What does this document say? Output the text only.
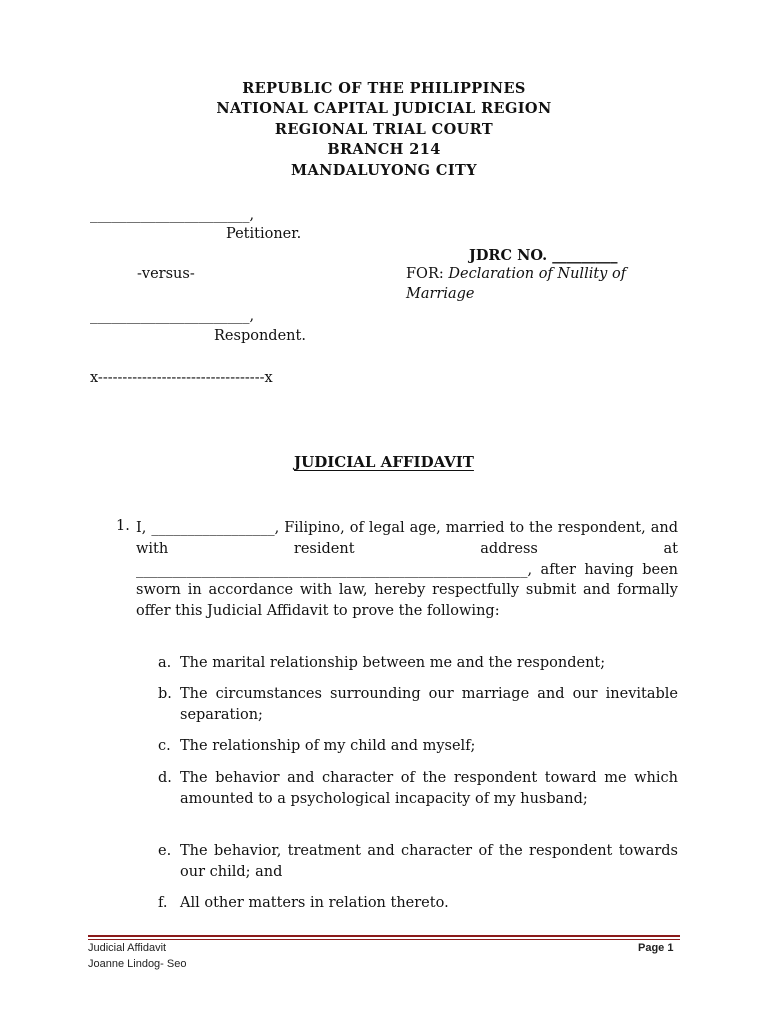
REPUBLIC OF THE PHILIPPINES
NATIONAL CAPITAL JUDICIAL REGION
REGIONAL TRIAL COURT
BRANCH 214
MANDALUYONG CITY
______________________,
Petitioner.
JDRC NO. _________
-versus-	FOR: Declaration of Nullity of
Marriage
______________________,
Respondent.
x----------------------------------x
JUDICIAL AFFIDAVIT
1. I, _________________, Filipino, of legal age, married to the respondent, and with resident address at ______________________________________________________, after having been sworn in accordance with law, hereby respectfully submit and formally offer this Judicial Affidavit to prove the following:
a. The marital relationship between me and the respondent;
b. The circumstances surrounding our marriage and our inevitable separation;
c. The relationship of my child and myself;
d. The behavior and character of the respondent toward me which amounted to a psychological incapacity of my husband;
e. The behavior, treatment and character of the respondent towards our child; and
f. All other matters in relation thereto.
Judicial Affidavit
Joanne Lindog- Seo
Page 1
